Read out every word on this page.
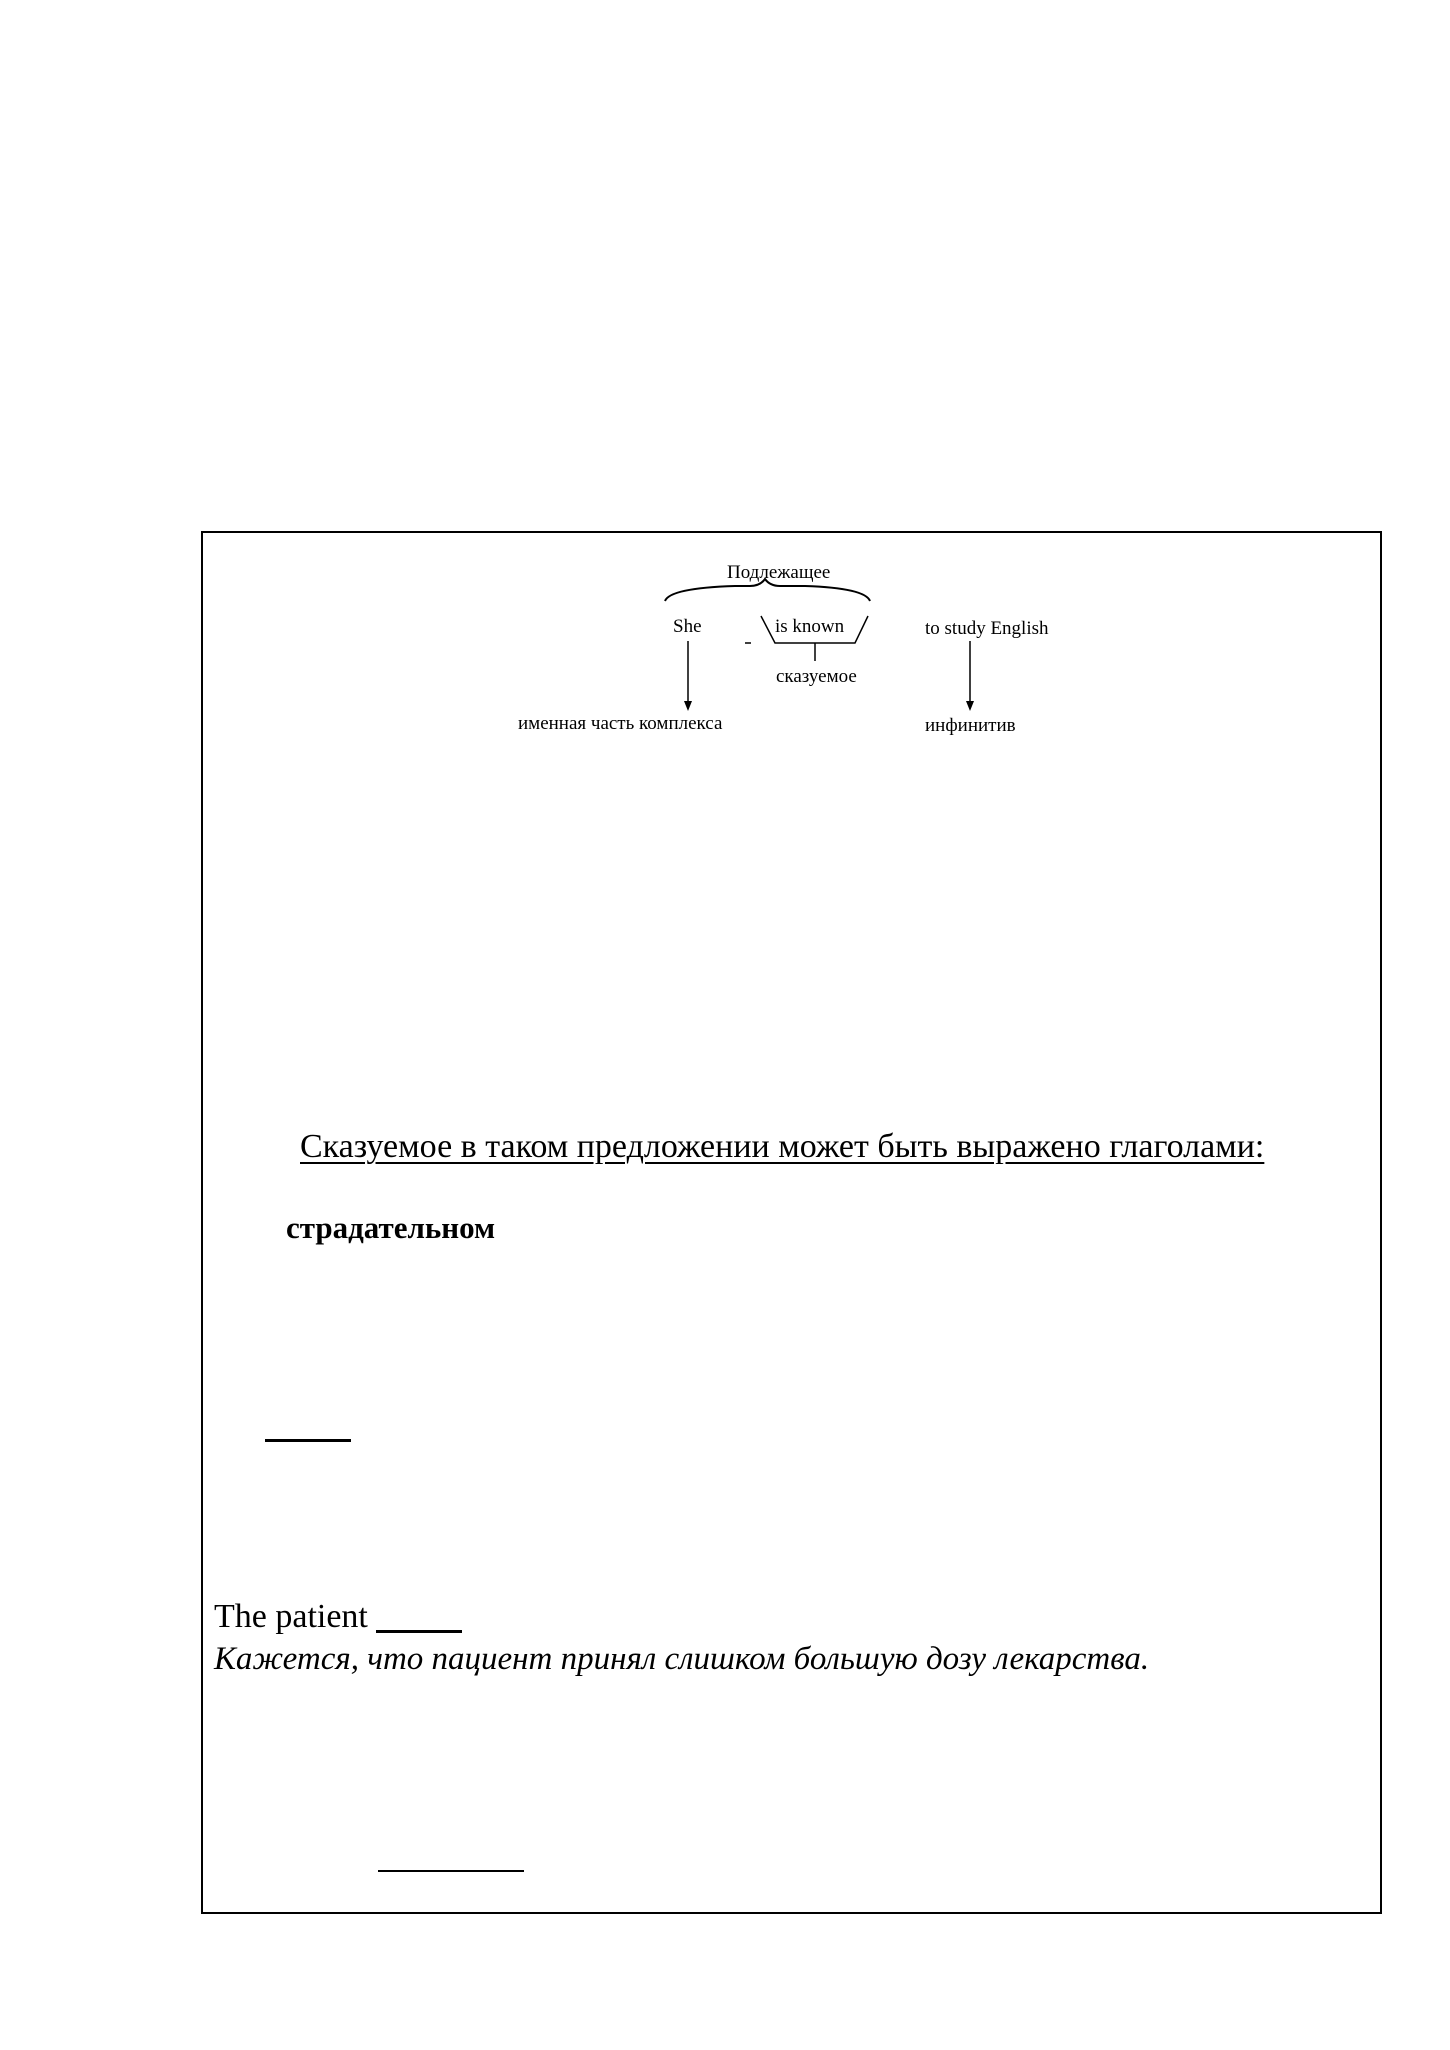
Подлежащее
She	is known	to study English
сказуемое
именная часть комплекса	инфинитив
Сказуемое в таком предложении может быть выражено глаголами:
страдательном
The patient
Кажется, что пациент принял слишком большую дозу лекарства.
